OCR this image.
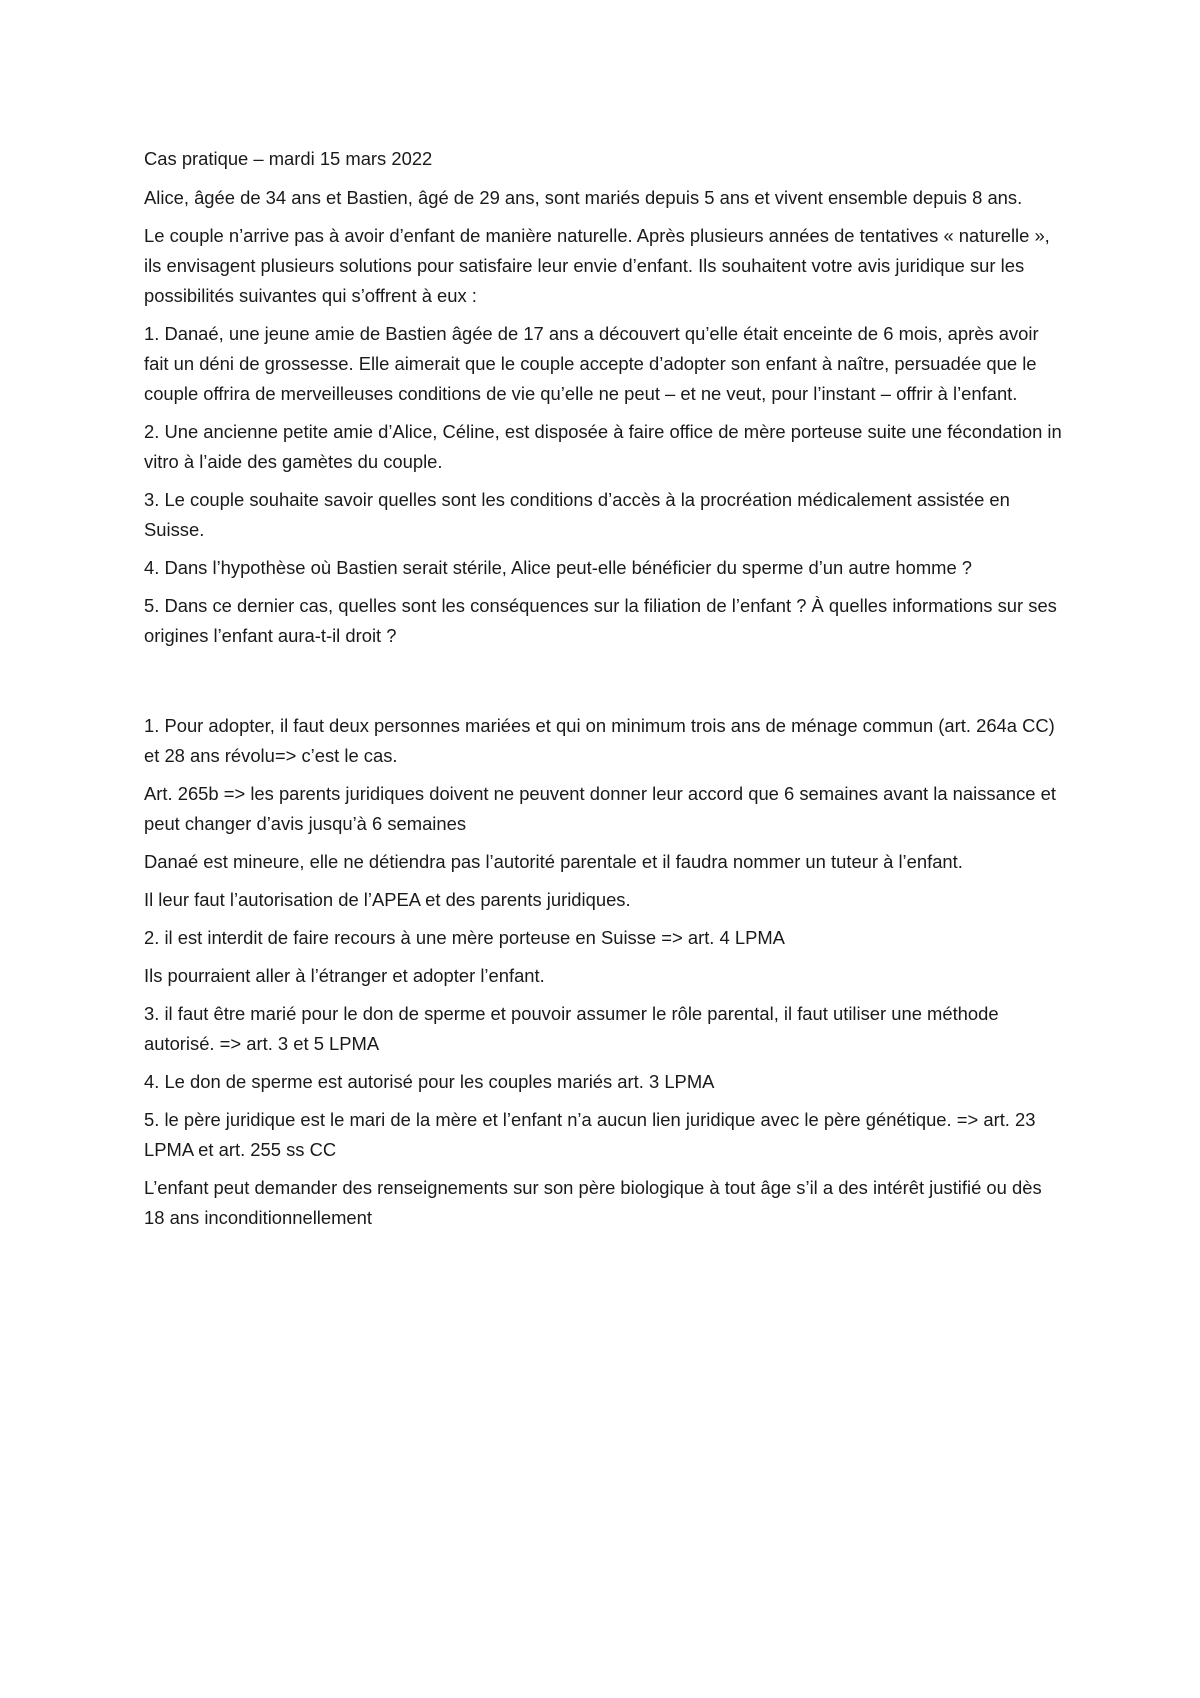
Cas pratique – mardi 15 mars 2022

Alice, âgée de 34 ans et Bastien, âgé de 29 ans, sont mariés depuis 5 ans et vivent ensemble depuis 8 ans.

Le couple n’arrive pas à avoir d’enfant de manière naturelle. Après plusieurs années de tentatives « naturelle », ils envisagent plusieurs solutions pour satisfaire leur envie d’enfant. Ils souhaitent votre avis juridique sur les possibilités suivantes qui s’offrent à eux :

1. Danaé, une jeune amie de Bastien âgée de 17 ans a découvert qu’elle était enceinte de 6 mois, après avoir fait un déni de grossesse. Elle aimerait que le couple accepte d’adopter son enfant à naître, persuadée que le couple offrira de merveilleuses conditions de vie qu’elle ne peut – et ne veut, pour l’instant – offrir à l’enfant.

2. Une ancienne petite amie d’Alice, Céline, est disposée à faire office de mère porteuse suite une fécondation in vitro à l’aide des gamètes du couple.

3. Le couple souhaite savoir quelles sont les conditions d’accès à la procréation médicalement assistée en Suisse.

4. Dans l’hypothèse où Bastien serait stérile, Alice peut-elle bénéficier du sperme d’un autre homme ?

5. Dans ce dernier cas, quelles sont les conséquences sur la filiation de l’enfant ? À quelles informations sur ses origines l’enfant aura-t-il droit ?

1. Pour adopter, il faut deux personnes mariées et qui on minimum trois ans de ménage commun (art. 264a CC) et 28 ans révolu=> c’est le cas.

Art. 265b => les parents juridiques doivent ne peuvent donner leur accord que 6 semaines avant la naissance et peut changer d’avis jusqu’à 6 semaines

Danaé est mineure, elle ne détiendra pas l’autorité parentale et il faudra nommer un tuteur à l’enfant.

Il leur faut l’autorisation de l’APEA et des parents juridiques.

2. il est interdit de faire recours à une mère porteuse en Suisse => art. 4 LPMA

Ils pourraient aller à l’étranger et adopter l’enfant.

3. il faut être marié pour le don de sperme et pouvoir assumer le rôle parental, il faut utiliser une méthode autorisé. => art. 3 et 5 LPMA

4. Le don de sperme est autorisé pour les couples mariés art. 3 LPMA

5. le père juridique est le mari de la mère et l’enfant n’a aucun lien juridique avec le père génétique. => art. 23 LPMA et art. 255 ss CC

L’enfant peut demander des renseignements sur son père biologique à tout âge s’il a des intérêt justifié ou dès 18 ans inconditionnellement
